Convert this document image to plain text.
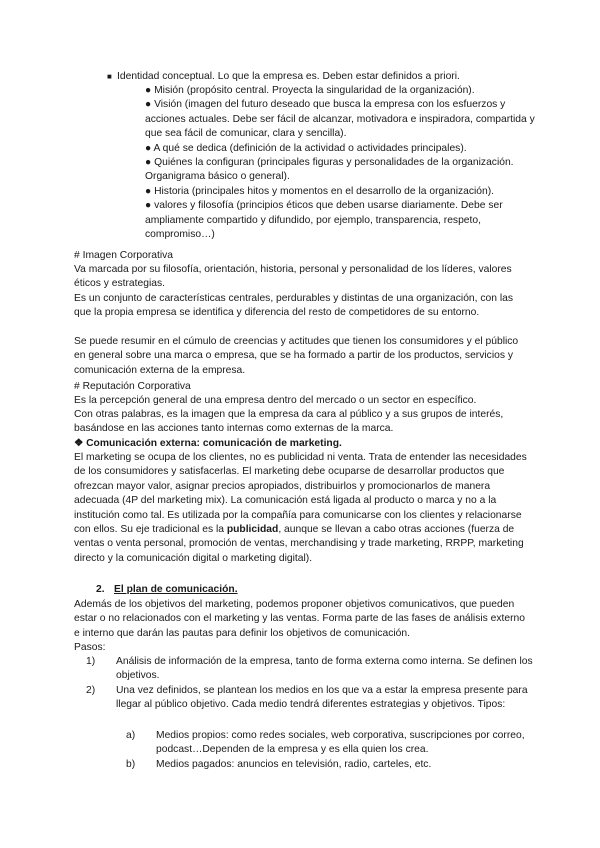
■ Identidad conceptual. Lo que la empresa es. Deben estar definidos a priori.
● Misión (propósito central. Proyecta la singularidad de la organización).
● Visión (imagen del futuro deseado que busca la empresa con los esfuerzos y acciones actuales. Debe ser fácil de alcanzar, motivadora e inspiradora, compartida y que sea fácil de comunicar, clara y sencilla).
● A qué se dedica (definición de la actividad o actividades principales).
● Quiénes la configuran (principales figuras y personalidades de la organización. Organigrama básico o general).
● Historia (principales hitos y momentos en el desarrollo de la organización).
● valores y filosofía (principios éticos que deben usarse diariamente. Debe ser ampliamente compartido y difundido, por ejemplo, transparencia, respeto, compromiso…)
# Imagen Corporativa
Va marcada por su filosofía, orientación, historia, personal y personalidad de los líderes, valores éticos y estrategias.
Es un conjunto de características centrales, perdurables y distintas de una organización, con las que la propia empresa se identifica y diferencia del resto de competidores de su entorno.
Se puede resumir en el cúmulo de creencias y actitudes que tienen los consumidores y el público en general sobre una marca o empresa, que se ha formado a partir de los productos, servicios y comunicación externa de la empresa.
# Reputación Corporativa
Es la percepción general de una empresa dentro del mercado o un sector en específico.
Con otras palabras, es la imagen que la empresa da cara al público y a sus grupos de interés, basándose en las acciones tanto internas como externas de la marca.
❖ Comunicación externa: comunicación de marketing.
El marketing se ocupa de los clientes, no es publicidad ni venta. Trata de entender las necesidades de los consumidores y satisfacerlas. El marketing debe ocuparse de desarrollar productos que ofrezcan mayor valor, asignar precios apropiados, distribuirlos y promocionarlos de manera adecuada (4P del marketing mix). La comunicación está ligada al producto o marca y no a la institución como tal. Es utilizada por la compañía para comunicarse con los clientes y relacionarse con ellos. Su eje tradicional es la publicidad, aunque se llevan a cabo otras acciones (fuerza de ventas o venta personal, promoción de ventas, merchandising y trade marketing, RRPP, marketing directo y la comunicación digital o marketing digital).
2. El plan de comunicación.
Además de los objetivos del marketing, podemos proponer objetivos comunicativos, que pueden estar o no relacionados con el marketing y las ventas. Forma parte de las fases de análisis externo e interno que darán las pautas para definir los objetivos de comunicación.
Pasos:
1) Análisis de información de la empresa, tanto de forma externa como interna. Se definen los objetivos.
2) Una vez definidos, se plantean los medios en los que va a estar la empresa presente para llegar al público objetivo. Cada medio tendrá diferentes estrategias y objetivos. Tipos:
a) Medios propios: como redes sociales, web corporativa, suscripciones por correo, podcast…Dependen de la empresa y es ella quien los crea.
b) Medios pagados: anuncios en televisión, radio, carteles, etc.
